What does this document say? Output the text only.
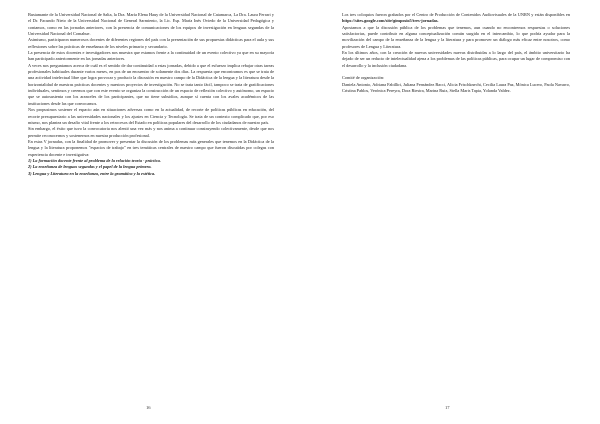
Bustamante de la Universidad Nacional de Salta, la Dra. María Elena Hauy de la Universidad Nacional de Catamarca, La Dra. Laura Ferrari y el Dr. Facundo Nieto de la Universidad Nacional de General Sarmiento, la Lic. Esp. María Inés Oviedo de la Universidad Pedagógica y contamos, como en las jornadas anteriores, con la presencia de comunicaciones de los equipos de investigación en lenguas segundas de la Universidad Nacional del Comahue.

Asimismo, participaron numerosos docentes de diferentes regiones del país con la presentación de sus propuestas didácticas para el aula y sus reflexiones sobre las prácticas de enseñanza de los niveles primario y secundario.

La presencia de estos docentes e investigadores nos muestra que estamos frente a la continuidad de un evento colectivo ya que en su mayoría han participado anteriormente en las jornadas anteriores.

A veces nos preguntamos acerca de cuál es el sentido de dar continuidad a estas jornadas, debido a que el esfuerzo implica rebajar otras tareas profesionales habituales durante varios meses, en pos de un encuentro de solamente dos días. La respuesta que encontramos es que se trata de una actividad intelectual libre que logra provocar y producir la discusión en nuestro campo de la Didáctica de la lengua y la literatura desde la horizontalidad de nuestras prácticas docentes y nuestros proyectos de investigación. No se trata tanto fácil, tampoco se trata de gratificaciones individuales, sentimos y creemos que con este evento se organiza la construcción de un espacio de reflexión colectivo y autónomo, un espacio que se autosustenta con los aranceles de los participantes, que no tiene subsidios, aunque sí cuenta con los avales académicos de las instituciones desde las que convocamos.

Nos propusimos sostener el espacio aún en situaciones adversas como en la actualidad, de recorte de políticas públicas en educación, del recorte presupuestario a las universidades nacionales y los ajustes en Ciencia y Tecnología. Se trata de un contexto complicado que, por eso mismo, nos plantea un desafío vital frente a los retrocesos del Estado en políticas populares del desarrollo de los ciudadanos de nuestro país.

Sin embargo, el éxito que tuvo la convocatoria nos alentó una vez más y nos anima a continuar construyendo colectivamente, desde que nos permite reconocernos y sostenernos en nuestra producción profesional.

En estas V jornadas, con la finalidad de promover y presentar la discusión de los problemas más generales que tenemos en la Didáctica de la lengua y la literatura proponemos "espacios de trabajo" en tres temáticas centrales de nuestro campo que fueron discutidas por colegas con experiencia docente e investigativa:

1) La formación docente frente al problema de la relación teoría - práctica.

2) La enseñanza de lenguas segundas y el papel de la lengua primera.

3) Lengua y Literatura en la enseñanza, entre la gramática y la estética.

16

Los tres coloquios fueron grabados por el Centro de Producción de Contenidos Audiovisuales de la UNRN y están disponibles en https://sites.google.com/site/gimposio5/tres-jornadas.

Apostamos a que la discusión pública de los problemas que tenemos, aun cuando no encontremos respuestas o soluciones satisfactorias, puede contribuir en alguna conceptualización común surgida en el intercambio, lo que podría ayudar para la movilización del campo de la enseñanza de la lengua y la literatura y para promover un diálogo más eficaz entre nosotros, como profesores de Lengua y Literatura.

En los últimos años, con la creación de nuevas universidades nuevas distribuidas a lo largo del país, el ámbito universitario ha dejado de ser un reducto de intelectualidad ajena a los problemas de las políticas públicas, para ocupar un lugar de compromiso con el desarrollo y la inclusión ciudadana.

Comité de organización:

Daniela Antonio, Adriana Fabilliri, Juliana Fernández Bacci, Alicia Frischknecht, Cecilia Laura Paz, Mónica Lucero, Paola Navarro, Cristina Pablos, Verónica Pereyra, Dora Riestra, Marina Ruiz, Stella Maris Tapia, Yolanda Valdez.

17
